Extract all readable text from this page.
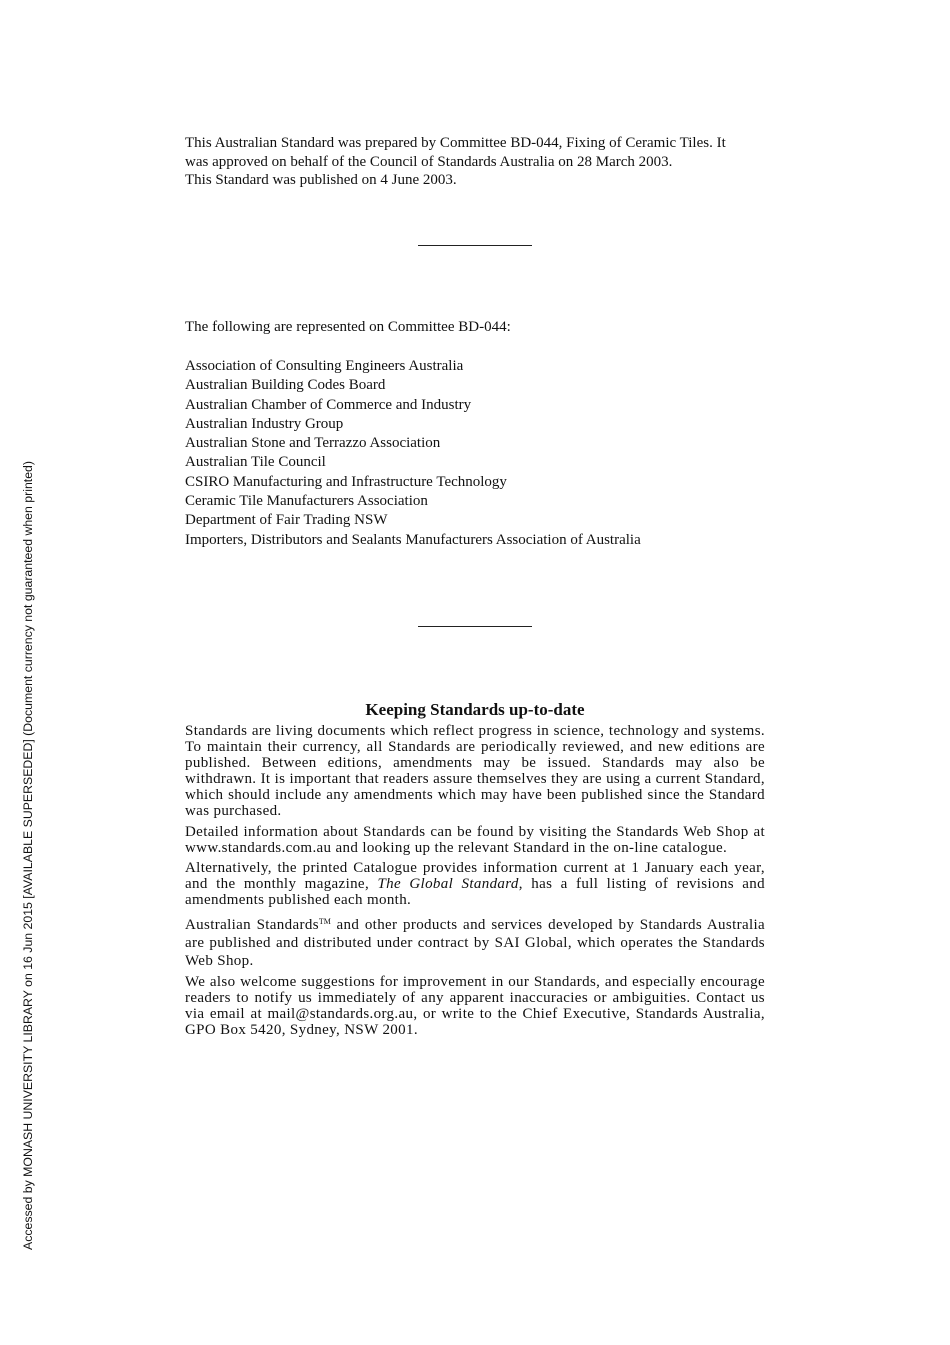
Accessed by MONASH UNIVERSITY LIBRARY on 16 Jun 2015 [AVAILABLE SUPERSEDED] (Document currency not guaranteed when printed)
This Australian Standard was prepared by Committee BD-044, Fixing of Ceramic Tiles. It
was approved on behalf of the Council of Standards Australia on 28 March 2003.
This Standard was published on 4 June 2003.
The following are represented on Committee BD-044:
Association of Consulting Engineers Australia
Australian Building Codes Board
Australian Chamber of Commerce and Industry
Australian Industry Group
Australian Stone and Terrazzo Association
Australian Tile Council
CSIRO Manufacturing and Infrastructure Technology
Ceramic Tile Manufacturers Association
Department of Fair Trading NSW
Importers, Distributors and Sealants Manufacturers Association of Australia
Keeping Standards up-to-date

Standards are living documents which reflect progress in science, technology and systems. To maintain their currency, all Standards are periodically reviewed, and new editions are published. Between editions, amendments may be issued. Standards may also be withdrawn. It is important that readers assure themselves they are using a current Standard, which should include any amendments which may have been published since the Standard was purchased.

Detailed information about Standards can be found by visiting the Standards Web Shop at www.standards.com.au and looking up the relevant Standard in the on-line catalogue.

Alternatively, the printed Catalogue provides information current at 1 January each year, and the monthly magazine, The Global Standard, has a full listing of revisions and amendments published each month.

Australian Standards™ and other products and services developed by Standards Australia are published and distributed under contract by SAI Global, which operates the Standards Web Shop.

We also welcome suggestions for improvement in our Standards, and especially encourage readers to notify us immediately of any apparent inaccuracies or ambiguities. Contact us via email at mail@standards.org.au, or write to the Chief Executive, Standards Australia, GPO Box 5420, Sydney, NSW 2001.
